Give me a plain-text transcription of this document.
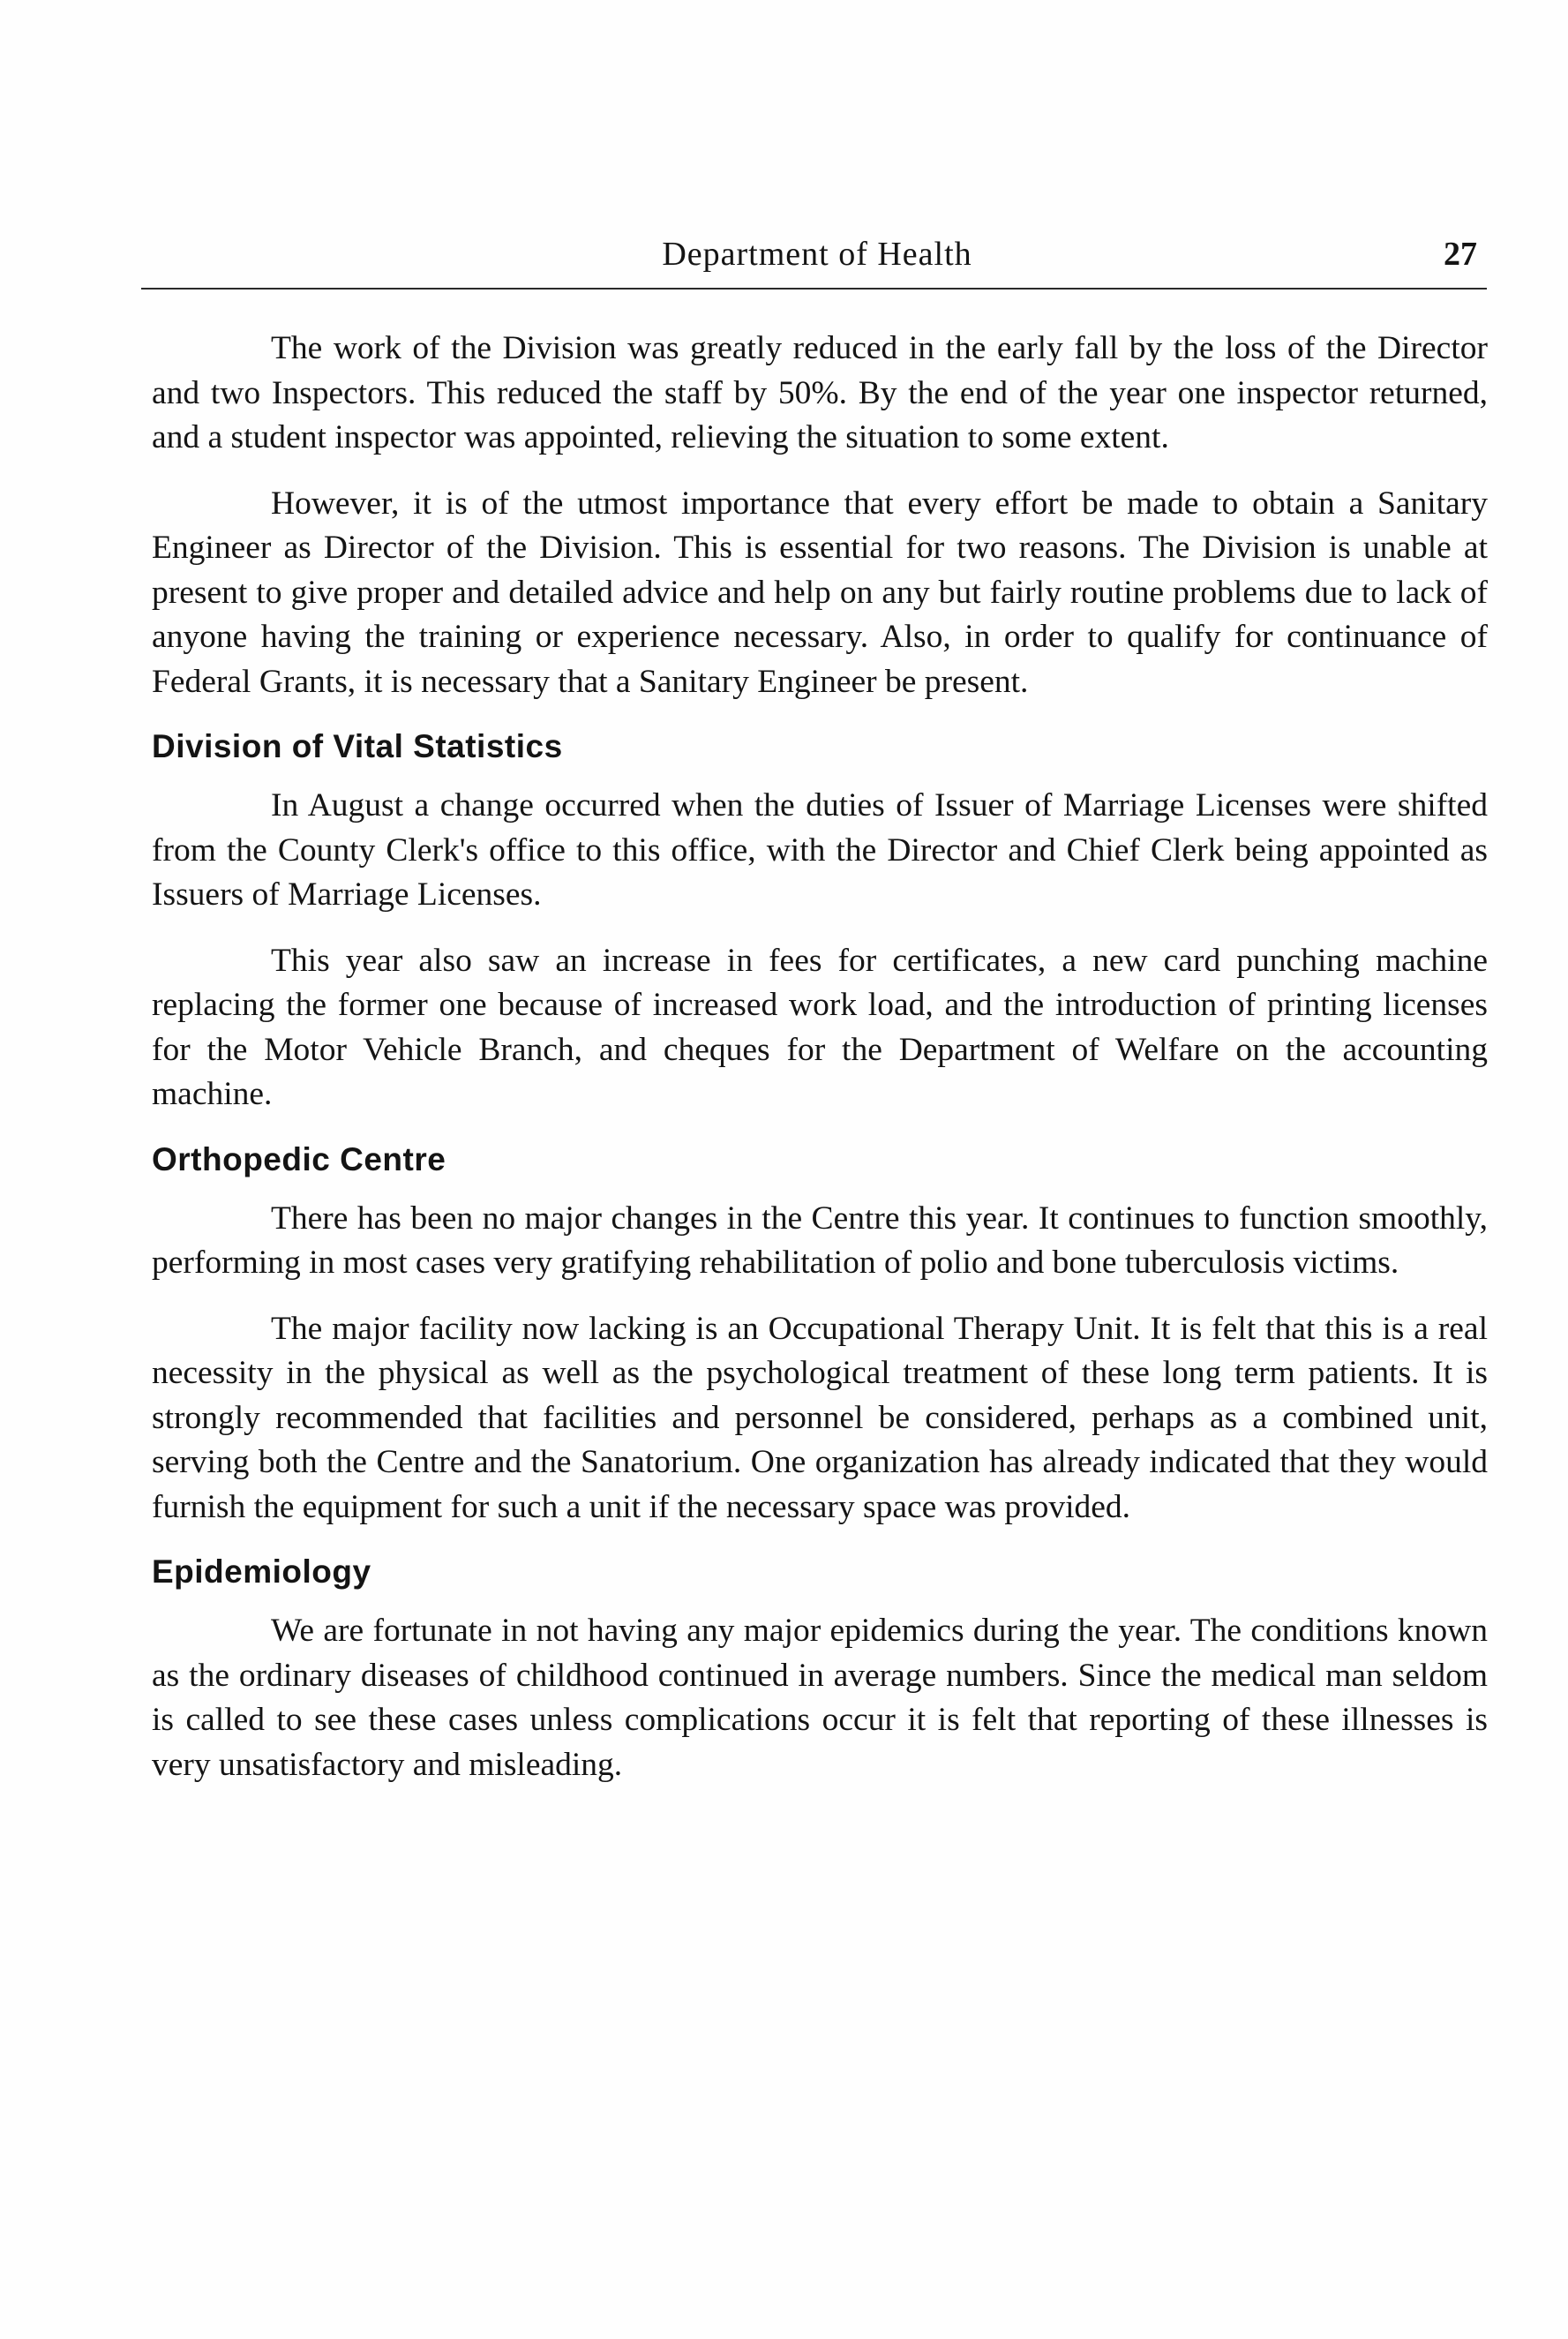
Department of Health	27

The work of the Division was greatly reduced in the early fall by the loss of the Director and two Inspectors. This reduced the staff by 50%. By the end of the year one inspector returned, and a student inspector was appointed, relieving the situation to some extent.

However, it is of the utmost importance that every effort be made to obtain a Sanitary Engineer as Director of the Division. This is essential for two reasons. The Division is unable at present to give proper and detailed advice and help on any but fairly routine problems due to lack of anyone having the training or experience necessary. Also, in order to qualify for continuance of Federal Grants, it is necessary that a Sanitary Engineer be present.

Division of Vital Statistics

In August a change occurred when the duties of Issuer of Marriage Licenses were shifted from the County Clerk's office to this office, with the Director and Chief Clerk being appointed as Issuers of Marriage Licenses.

This year also saw an increase in fees for certificates, a new card punching machine replacing the former one because of increased work load, and the introduction of printing licenses for the Motor Vehicle Branch, and cheques for the Department of Welfare on the accounting machine.

Orthopedic Centre

There has been no major changes in the Centre this year. It continues to function smoothly, performing in most cases very gratifying rehabilitation of polio and bone tuberculosis victims.

The major facility now lacking is an Occupational Therapy Unit. It is felt that this is a real necessity in the physical as well as the psychological treatment of these long term patients. It is strongly recommended that facilities and personnel be considered, perhaps as a combined unit, serving both the Centre and the Sanatorium. One organization has already indicated that they would furnish the equipment for such a unit if the necessary space was provided.

Epidemiology

We are fortunate in not having any major epidemics during the year. The conditions known as the ordinary diseases of childhood continued in average numbers. Since the medical man seldom is called to see these cases unless complications occur it is felt that reporting of these illnesses is very unsatisfactory and misleading.
